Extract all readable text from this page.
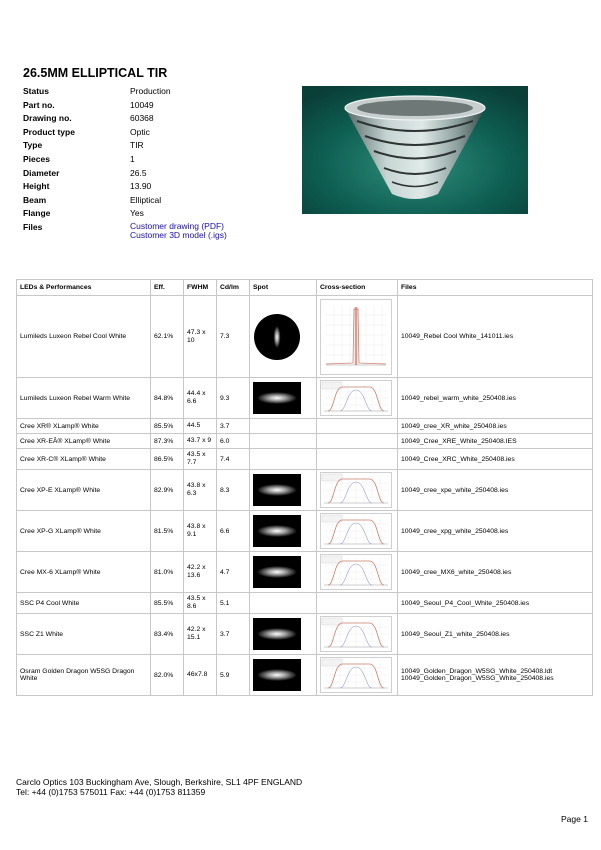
26.5MM ELLIPTICAL TIR
Status	Production
Part no.	10049
Drawing no.	60368
Product type	Optic
Type	TIR
Pieces	1
Diameter	26.5
Height	13.90
Beam	Elliptical
Flange	Yes
Files	Customer drawing (PDF)
Customer 3D model (.igs)
LEDs & Performances	Eff.	FWHM	Cd/lm	Spot	Cross-section	Files
Lumileds Luxeon Rebel Cool White	62.1%	47.3 x 10	7.3			10049_Rebel Cool White_141011.ies
Lumileds Luxeon Rebel Warm White	84.8%	44.4 x 6.6	9.3			10049_rebel_warm_white_250408.ies
Cree XR® XLamp® White	85.5%	44.5	3.7			10049_cree_XR_white_250408.ies
Cree XR-EÂ® XLamp® White	87.3%	43.7 x 9	6.0			10049_Cree_XRE_White_250408.IES
Cree XR-C® XLamp® White	86.5%	43.5 x 7.7	7.4			10049_Cree_XRC_White_250408.ies
Cree XP-E XLamp® White	82.9%	43.8 x 6.3	8.3			10049_cree_xpe_white_250408.ies
Cree XP-G XLamp® White	81.5%	43.8 x 9.1	6.6			10049_cree_xpg_white_250408.ies
Cree MX-6 XLamp® White	81.0%	42.2 x 13.6	4.7			10049_cree_MX6_white_250408.ies
SSC P4 Cool White	85.5%	43.5 x 8.6	5.1			10049_Seoul_P4_Cool_White_250408.ies
SSC Z1 White	83.4%	42.2 x 15.1	3.7			10049_Seoul_Z1_white_250408.ies
Osram Golden Dragon W5SG Dragon White	82.0%	46x7.8	5.9			10049_Golden_Dragon_W5SG_White_250408.ldt
10049_Golden_Dragon_W5SG_White_250408.ies
Carclo Optics 103 Buckingham Ave, Slough, Berkshire, SL1 4PF ENGLAND
Tel: +44 (0)1753 575011 Fax: +44 (0)1753 811359
Page 1
